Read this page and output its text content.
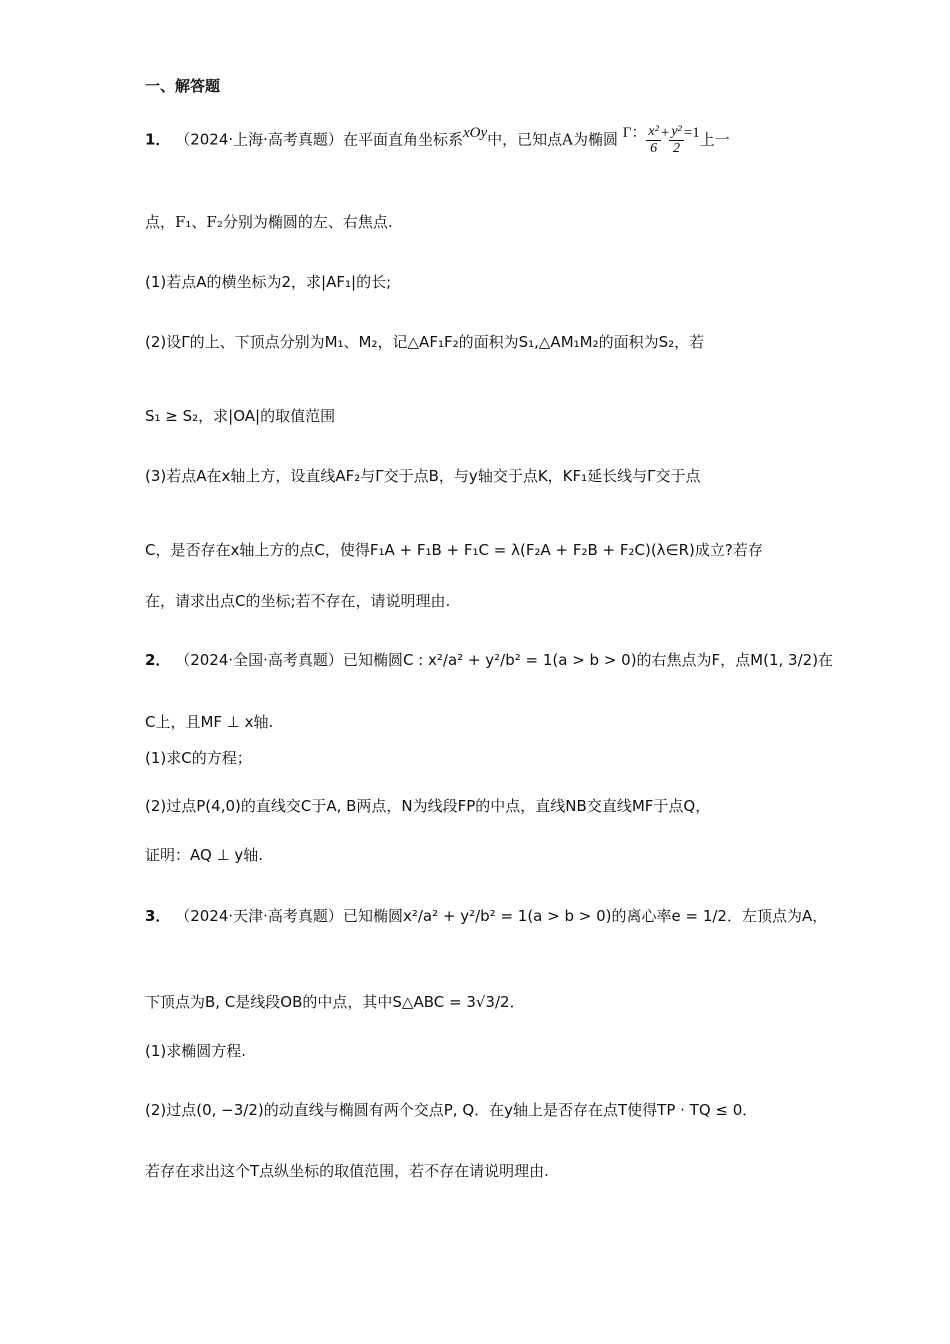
一、解答题
1． （2024·上海·高考真题）在平面直角坐标系xOy中，已知点A为椭圆 Γ： $\frac{\text{x²}}{6} + \frac{\text{y²}}{2} =1$上一
点，F₁、F₂分别为椭圆的左、右焦点.
(1)若点A的横坐标为2，求|AF₁|的长;
(2)设Γ的上、下顶点分别为M₁、M₂，记△AF₁F₂的面积为S₁,△AM₁M₂的面积为S₂，若
S₁ ≥ S₂，求|OA|的取值范围
(3)若点A在x轴上方，设直线AF₂与Γ交于点B，与y轴交于点K，KF₁延长线与Γ交于点
C，是否存在x轴上方的点C，使得F₁A + F₁B + F₁C = λ(F₂A + F₂B + F₂C)(λ∈R)成立?若存
在，请求出点C的坐标;若不存在，请说明理由.
2． （2024·全国·高考真题）已知椭圆C : x²/a² + y²/b² = 1(a > b > 0)的右焦点为F，点M(1, 3/2)在
C上，且MF ⊥ x轴.
(1)求C的方程；
(2)过点P(4,0)的直线交C于A, B两点，N为线段FP的中点，直线NB交直线MF于点Q，
证明：AQ ⊥ y轴.
3． （2024·天津·高考真题）已知椭圆x²/a² + y²/b² = 1(a > b > 0)的离心率e = 1/2．左顶点为A，
下顶点为B, C是线段OB的中点，其中S△ABC = 3√3/2．
(1)求椭圆方程.
(2)过点(0, −3/2)的动直线与椭圆有两个交点P, Q．在y轴上是否存在点T使得TP · TQ ≤ 0．
若存在求出这个T点纵坐标的取值范围，若不存在请说明理由.
